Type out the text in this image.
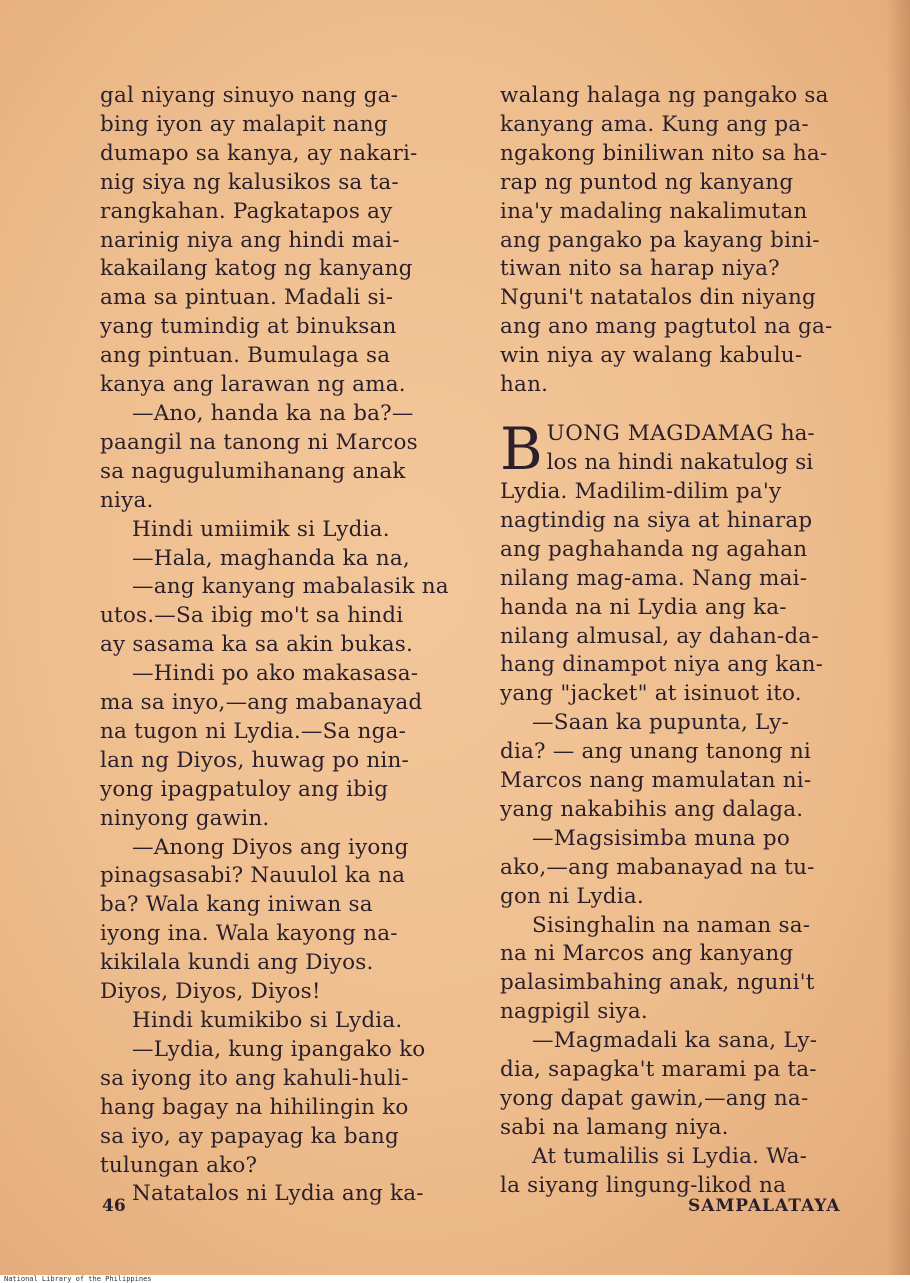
gal niyang sinuyo nang ga-
bing iyon ay malapit nang
dumapo sa kanya, ay nakari-
nig siya ng kalusikos sa ta-
rangkahan. Pagkatapos ay
narinig niya ang hindi mai-
kakailang katog ng kanyang
ama sa pintuan. Madali si-
yang tumindig at binuksan
ang pintuan. Bumulaga sa
kanya ang larawan ng ama.
—Ano, handa ka na ba?—
paangil na tanong ni Marcos
sa nagugulumihanang anak
niya.
Hindi umiimik si Lydia.
—Hala, maghanda ka na,
—ang kanyang mabalasik na
utos.—Sa ibig mo't sa hindi
ay sasama ka sa akin bukas.
—Hindi po ako makasasa-
ma sa inyo,—ang mabanayad
na tugon ni Lydia.—Sa nga-
lan ng Diyos, huwag po nin-
yong ipagpatuloy ang ibig
ninyong gawin.
—Anong Diyos ang iyong
pinagsasabi? Nauulol ka na
ba? Wala kang iniwan sa
iyong ina. Wala kayong na-
kikilala kundi ang Diyos.
Diyos, Diyos, Diyos!
Hindi kumikibo si Lydia.
—Lydia, kung ipangako ko
sa iyong ito ang kahuli-huli-
hang bagay na hihilingin ko
sa iyo, ay papayag ka bang
tulungan ako?
Natatalos ni Lydia ang ka-
walang halaga ng pangako sa
kanyang ama. Kung ang pa-
ngakong biniliwan nito sa ha-
rap ng puntod ng kanyang
ina'y madaling nakalimutan
ang pangako pa kayang bini-
tiwan nito sa harap niya?
Nguni't natatalos din niyang
ang ano mang pagtutol na ga-
win niya ay walang kabulu-
han.
B UONG MAGDAMAG ha-
los na hindi nakatulog si
Lydia. Madilim-dilim pa'y
nagtindig na siya at hinarap
ang paghahanda ng agahan
nilang mag-ama. Nang mai-
handa na ni Lydia ang ka-
nilang almusal, ay dahan-da-
hang dinampot niya ang kan-
yang "jacket" at isinuot ito.
—Saan ka pupunta, Ly-
dia? — ang unang tanong ni
Marcos nang mamulatan ni-
yang nakabihis ang dalaga.
—Magsisimba muna po
ako,—ang mabanayad na tu-
gon ni Lydia.
Sisinghalin na naman sa-
na ni Marcos ang kanyang
palasimbahing anak, nguni't
nagpigil siya.
—Magmadali ka sana, Ly-
dia, sapagka't marami pa ta-
yong dapat gawin,—ang na-
sabi na lamang niya.
At tumalilis si Lydia. Wa-
la siyang lingung-likod na
46	SAMPALATAYA
National Library of the Philippines
